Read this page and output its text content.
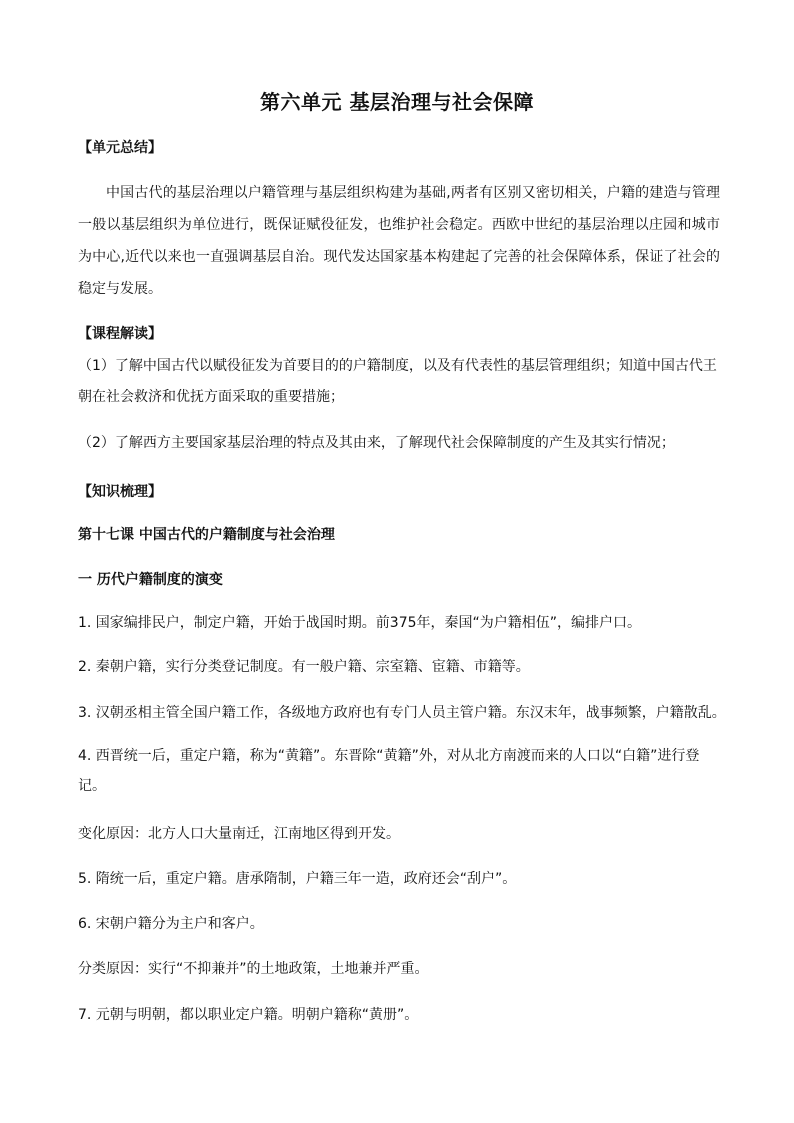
第六单元 基层治理与社会保障
【单元总结】
中国古代的基层治理以户籍管理与基层组织构建为基础,两者有区别又密切相关，户籍的建造与管理一般以基层组织为单位进行，既保证赋役征发，也维护社会稳定。西欧中世纪的基层治理以庄园和城市为中心,近代以来也一直强调基层自治。现代发达国家基本构建起了完善的社会保障体系，保证了社会的稳定与发展。
【课程解读】
（1）了解中国古代以赋役征发为首要目的的户籍制度，以及有代表性的基层管理组织；知道中国古代王朝在社会救济和优抚方面采取的重要措施；
（2）了解西方主要国家基层治理的特点及其由来，了解现代社会保障制度的产生及其实行情况；
【知识梳理】
第十七课 中国古代的户籍制度与社会治理
一 历代户籍制度的演变
1. 国家编排民户，制定户籍，开始于战国时期。前375年，秦国“为户籍相伍”，编排户口。
2. 秦朝户籍，实行分类登记制度。有一般户籍、宗室籍、宦籍、市籍等。
3. 汉朝丞相主管全国户籍工作，各级地方政府也有专门人员主管户籍。东汉末年，战事频繁，户籍散乱。
4. 西晋统一后，重定户籍，称为“黄籍”。东晋除“黄籍”外，对从北方南渡而来的人口以“白籍”进行登记。
变化原因：北方人口大量南迁，江南地区得到开发。
5. 隋统一后，重定户籍。唐承隋制，户籍三年一造，政府还会“刮户”。
6. 宋朝户籍分为主户和客户。
分类原因：实行“不抑兼并”的土地政策，土地兼并严重。
7. 元朝与明朝，都以职业定户籍。明朝户籍称“黄册”。
